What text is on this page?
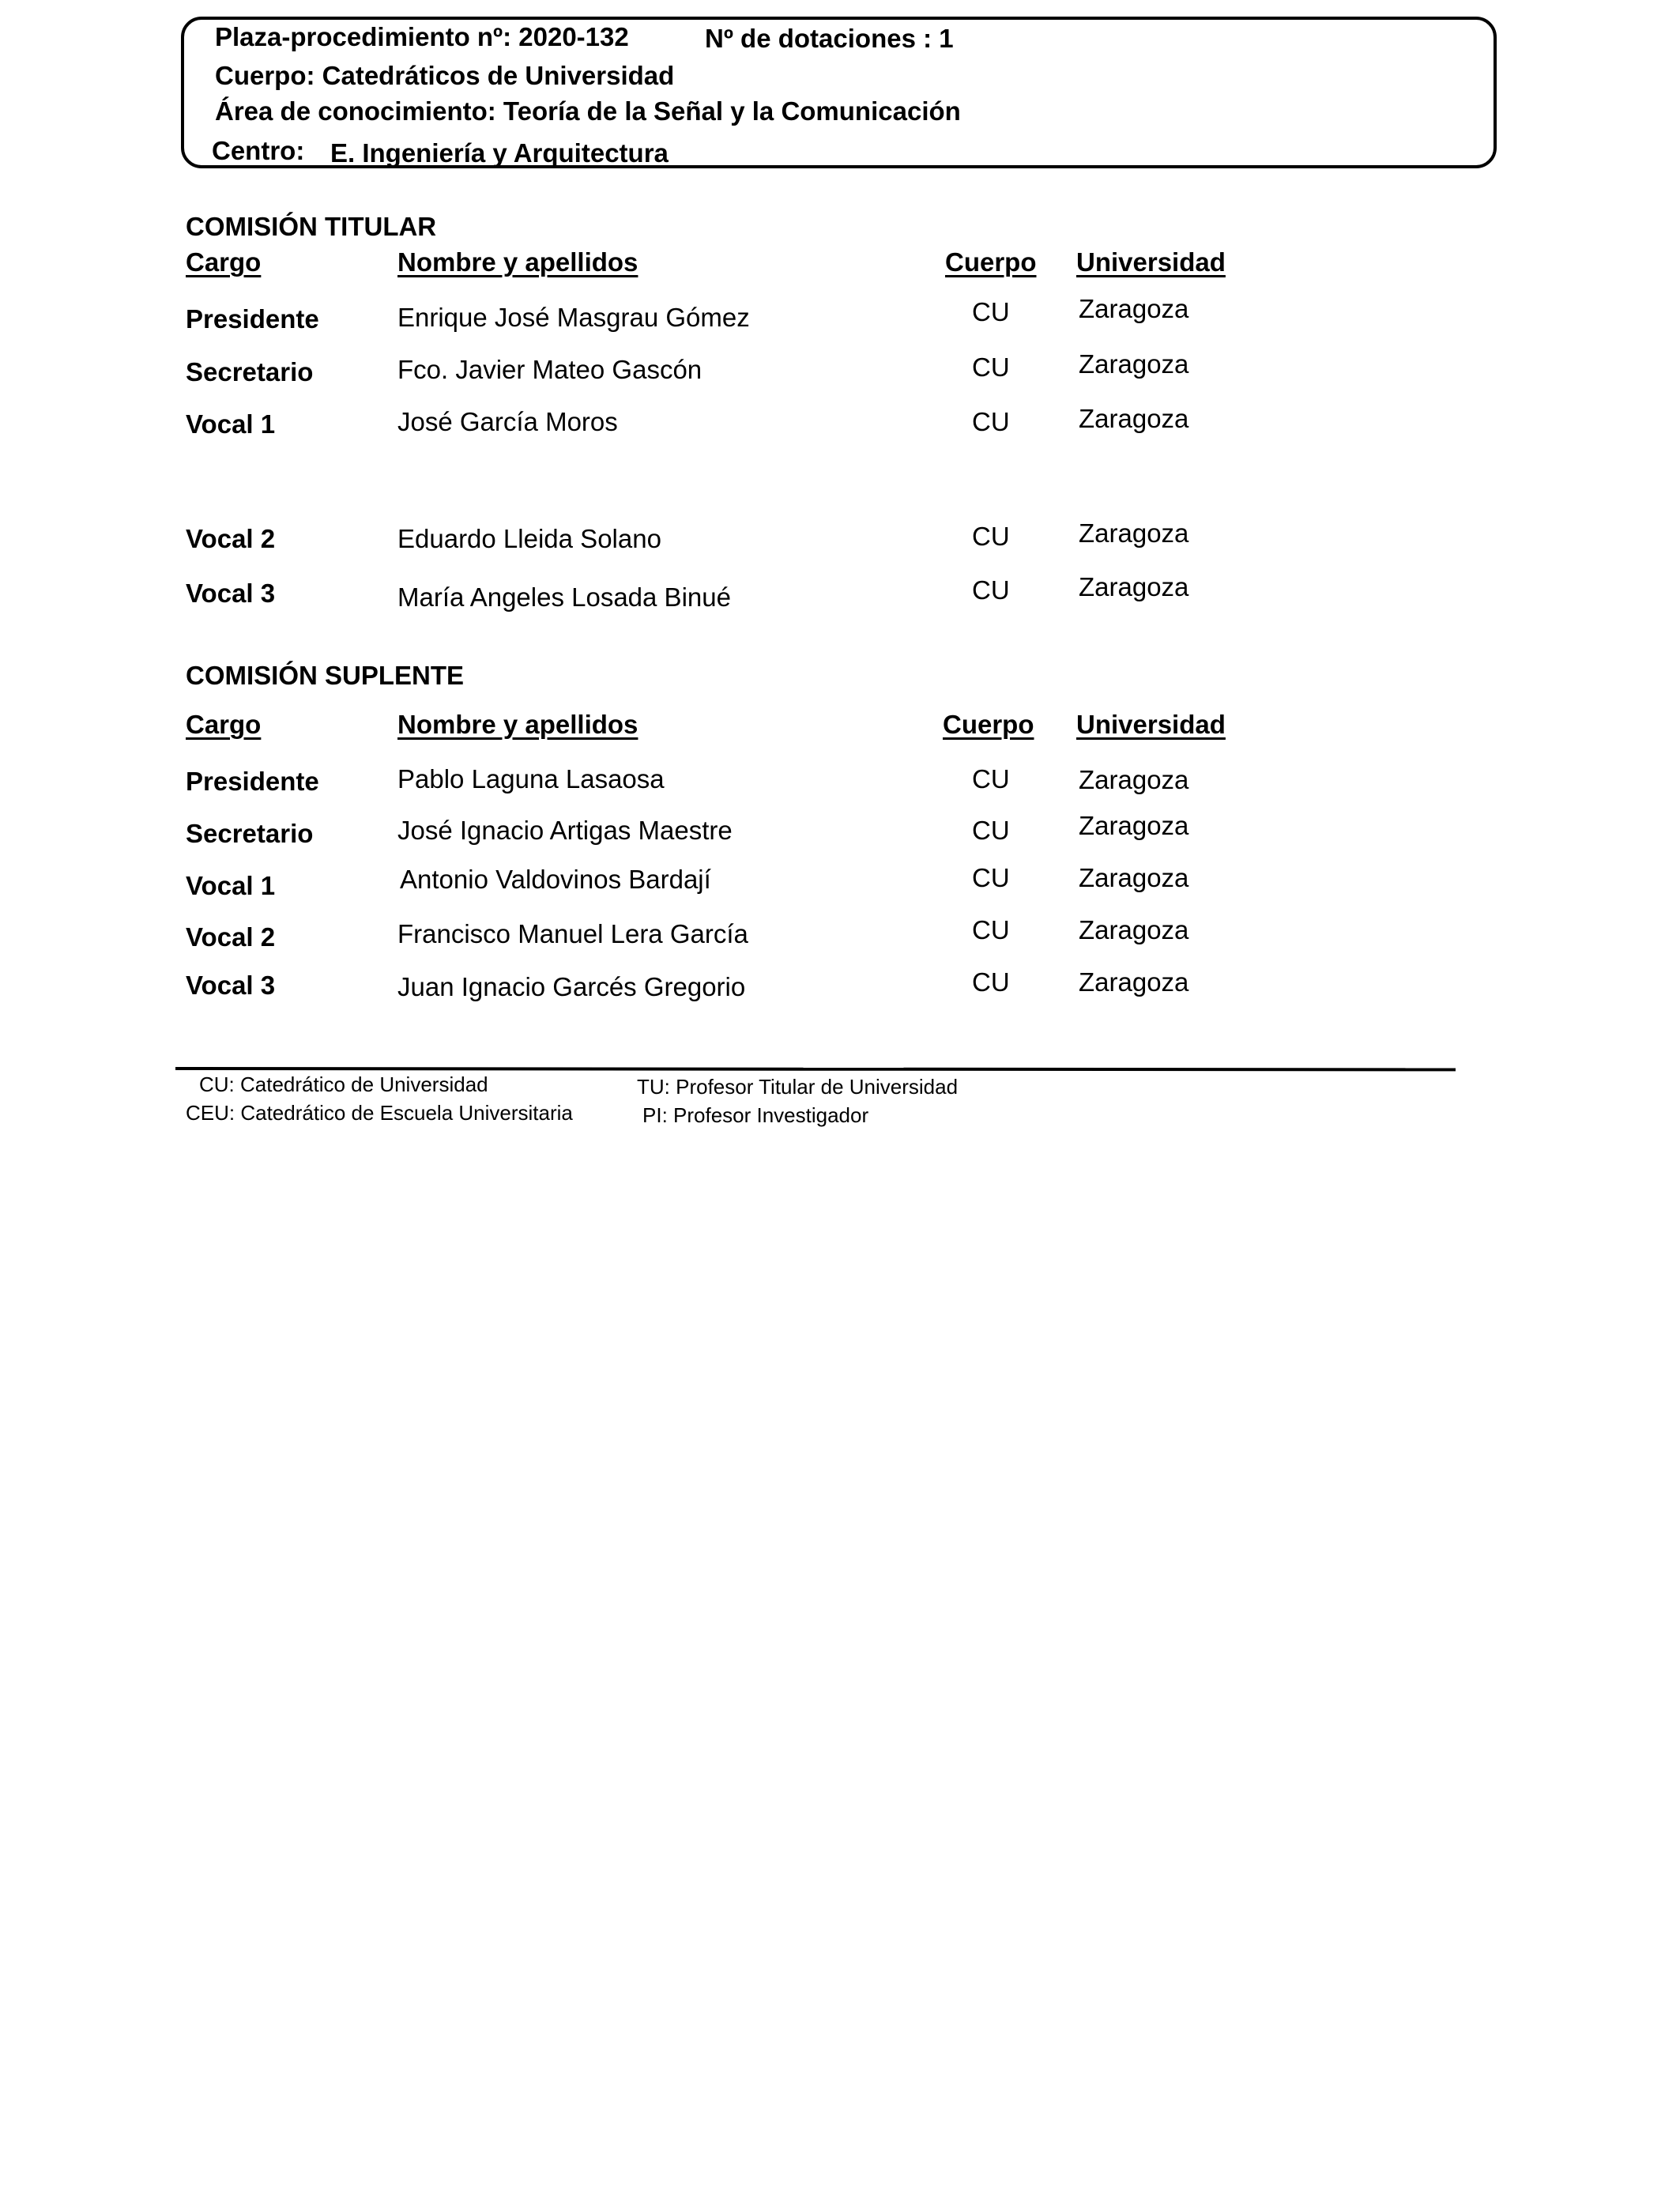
Plaza-procedimiento nº: 2020-132	Nº de dotaciones : 1
Cuerpo: Catedráticos de Universidad
Área de conocimiento: Teoría de la Señal y la Comunicación
Centro: E. Ingeniería y Arquitectura
COMISIÓN TITULAR
Cargo	Nombre y apellidos	Cuerpo Universidad
Presidente	Enrique José Masgrau Gómez	CU	Zaragoza
Secretario	Fco. Javier Mateo Gascón	CU	Zaragoza
Vocal 1	José García Moros	CU	Zaragoza
Vocal 2	Eduardo Lleida Solano	CU	Zaragoza
Vocal 3	María Angeles Losada Binué	CU	Zaragoza
COMISIÓN SUPLENTE
Cargo	Nombre y apellidos	Cuerpo Universidad
Presidente	Pablo Laguna Lasaosa	CU	Zaragoza
Secretario	José Ignacio Artigas Maestre	CU	Zaragoza
Vocal 1	Antonio Valdovinos Bardají	CU	Zaragoza
Vocal 2	Francisco Manuel Lera García	CU	Zaragoza
Vocal 3	Juan Ignacio Garcés Gregorio	CU	Zaragoza
CU: Catedrático de Universidad
CEU: Catedrático de Escuela Universitaria
TU: Profesor Titular de Universidad
PI: Profesor Investigador
